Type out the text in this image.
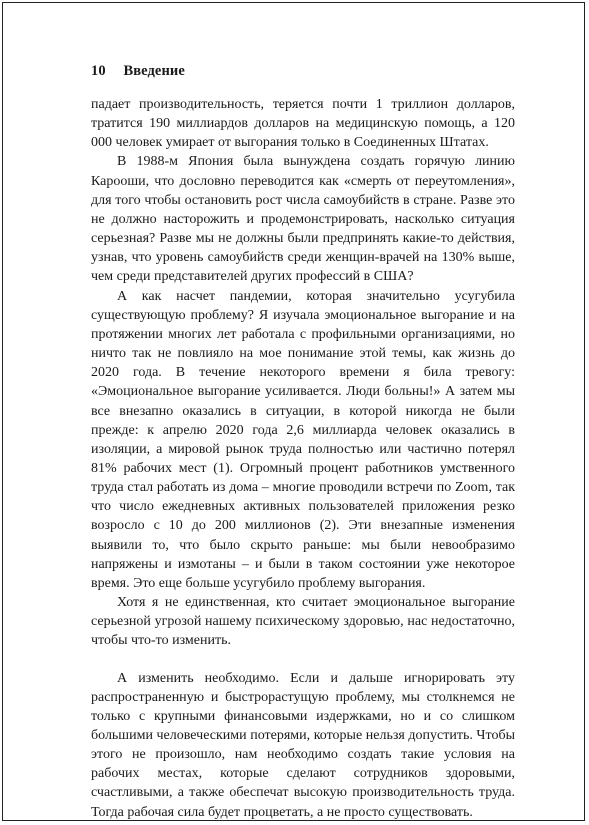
10 Введение

падает производительность, теряется почти 1 триллион долларов, тратится 190 миллиардов долларов на медицинскую помощь, а 120 000 человек умирает от выгорания только в Соединенных Штатах.

В 1988-м Япония была вынуждена создать горячую линию Карооши, что дословно переводится как «смерть от переутомления», для того чтобы остановить рост числа самоубийств в стране. Разве это не должно насторожить и продемонстрировать, насколько ситуация серьезная? Разве мы не должны были предпринять какие-то действия, узнав, что уровень самоубийств среди женщин-врачей на 130% выше, чем среди представителей других профессий в США?

А как насчет пандемии, которая значительно усугубила существующую проблему? Я изучала эмоциональное выгорание и на протяжении многих лет работала с профильными организациями, но ничто так не повлияло на мое понимание этой темы, как жизнь до 2020 года. В течение некоторого времени я била тревогу: «Эмоциональное выгорание усиливается. Люди больны!» А затем мы все внезапно оказались в ситуации, в которой никогда не были прежде: к апрелю 2020 года 2,6 миллиарда человек оказались в изоляции, а мировой рынок труда полностью или частично потерял 81% рабочих мест (1). Огромный процент работников умственного труда стал работать из дома – многие проводили встречи по Zoom, так что число ежедневных активных пользователей приложения резко возросло с 10 до 200 миллионов (2). Эти внезапные изменения выявили то, что было скрыто раньше: мы были невообразимо напряжены и измотаны – и были в таком состоянии уже некоторое время. Это еще больше усугубило проблему выгорания.

Хотя я не единственная, кто считает эмоциональное выгорание серьезной угрозой нашему психическому здоровью, нас недостаточно, чтобы что-то изменить.

А изменить необходимо. Если и дальше игнорировать эту распространенную и быстрорастущую проблему, мы столкнемся не только с крупными финансовыми издержками, но и со слишком большими человеческими потерями, которые нельзя допустить. Чтобы этого не произошло, нам необходимо создать такие условия на рабочих местах, которые сделают сотрудников здоровыми, счастливыми, а также обеспечат высокую производительность труда. Тогда рабочая сила будет процветать, а не просто существовать.
